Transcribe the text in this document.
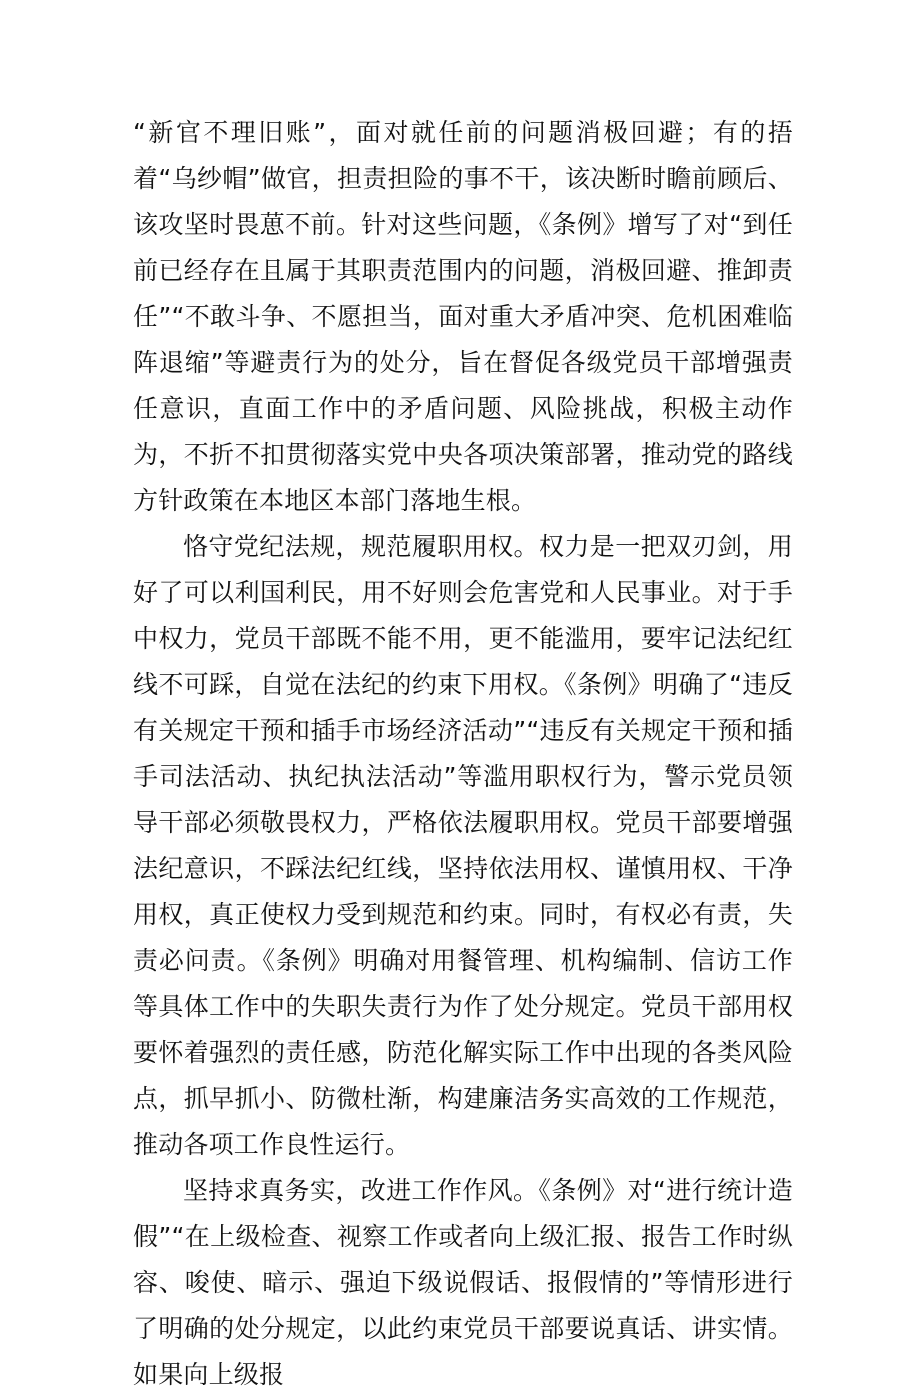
“新官不理旧账”，面对就任前的问题消极回避；有的捂着“乌纱帽”做官，担责担险的事不干，该决断时瞻前顾后、该攻坚时畏葸不前。针对这些问题，《条例》增写了对“到任前已经存在且属于其职责范围内的问题，消极回避、推卸责任”“不敢斗争、不愿担当，面对重大矛盾冲突、危机困难临阵退缩”等避责行为的处分，旨在督促各级党员干部增强责任意识，直面工作中的矛盾问题、风险挑战，积极主动作为，不折不扣贯彻落实党中央各项决策部署，推动党的路线方针政策在本地区本部门落地生根。

恪守党纪法规，规范履职用权。权力是一把双刃剑，用好了可以利国利民，用不好则会危害党和人民事业。对于手中权力，党员干部既不能不用，更不能滥用，要牢记法纪红线不可踩，自觉在法纪的约束下用权。《条例》明确了“违反有关规定干预和插手市场经济活动”“违反有关规定干预和插手司法活动、执纪执法活动”等滥用职权行为，警示党员领导干部必须敬畏权力，严格依法履职用权。党员干部要增强法纪意识，不踩法纪红线，坚持依法用权、谨慎用权、干净用权，真正使权力受到规范和约束。同时，有权必有责，失责必问责。《条例》明确对用餐管理、机构编制、信访工作等具体工作中的失职失责行为作了处分规定。党员干部用权要怀着强烈的责任感，防范化解实际工作中出现的各类风险点，抓早抓小、防微杜渐，构建廉洁务实高效的工作规范，推动各项工作良性运行。

坚持求真务实，改进工作作风。《条例》对“进行统计造假”“在上级检查、视察工作或者向上级汇报、报告工作时纵容、唆使、暗示、强迫下级说假话、报假情的”等情形进行了明确的处分规定，以此约束党员干部要说真话、讲实情。如果向上级报
